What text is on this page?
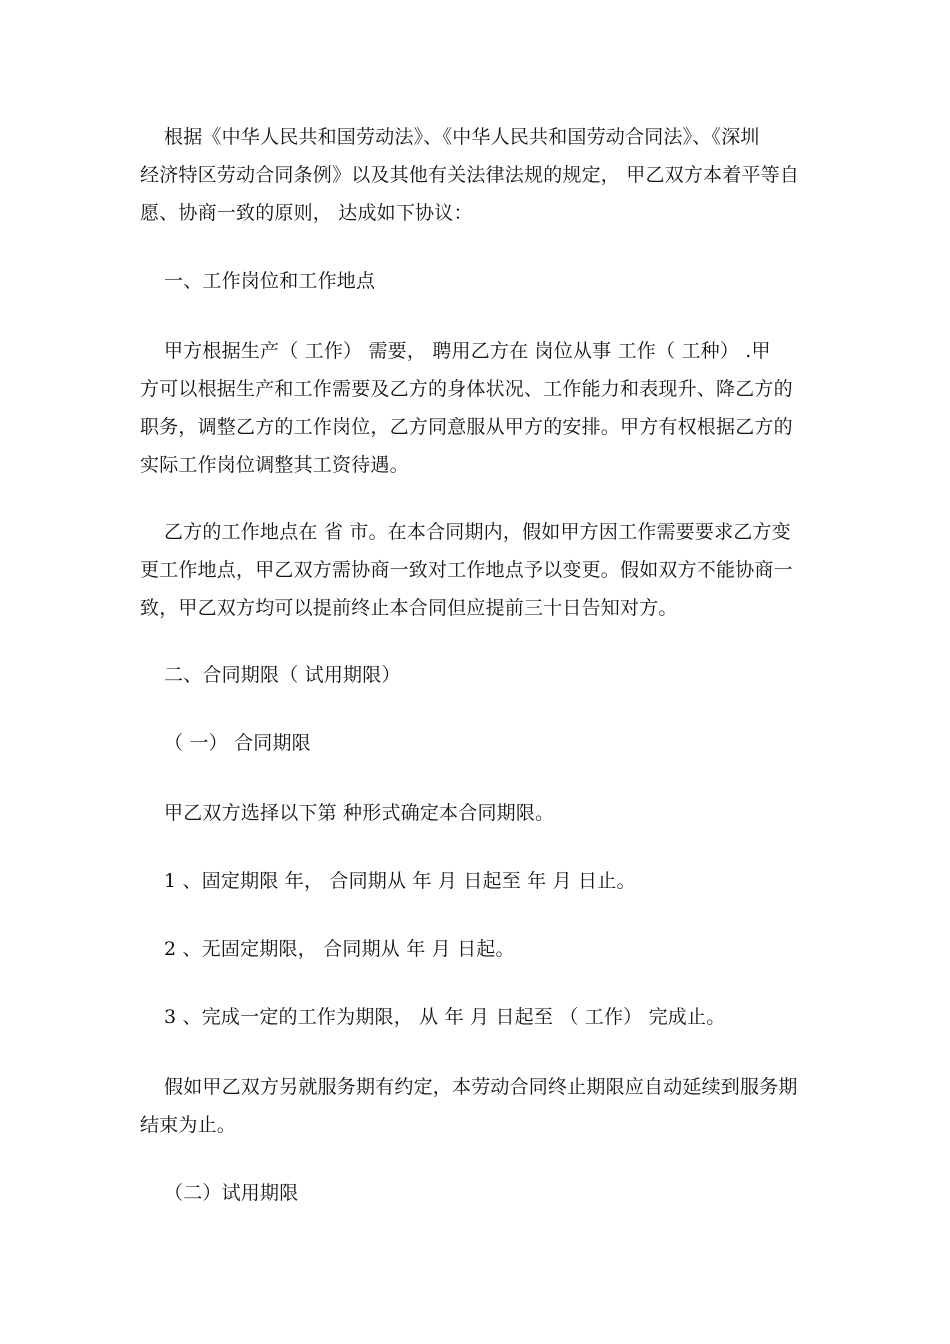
根据《中华人民共和国劳动法》、《中华人民共和国劳动合同法》、《深圳
经济特区劳动合同条例》以及其他有关法律法规的规定， 甲乙双方本着平等自
愿、协商一致的原则， 达成如下协议：
一、工作岗位和工作地点
甲方根据生产（ 工作） 需要， 聘用乙方在 岗位从事 工作（ 工种） .甲
方可以根据生产和工作需要及乙方的身体状况、工作能力和表现升、降乙方的
职务，调整乙方的工作岗位，乙方同意服从甲方的安排。甲方有权根据乙方的
实际工作岗位调整其工资待遇。
乙方的工作地点在 省 市。在本合同期内，假如甲方因工作需要要求乙方变
更工作地点，甲乙双方需协商一致对工作地点予以变更。假如双方不能协商一
致，甲乙双方均可以提前终止本合同但应提前三十日告知对方。
二、合同期限（ 试用期限）
（ 一） 合同期限
甲乙双方选择以下第 种形式确定本合同期限。
1 、固定期限 年， 合同期从 年 月 日起至 年 月 日止。
2 、无固定期限， 合同期从 年 月 日起。
3 、完成一定的工作为期限， 从 年 月 日起至 （ 工作） 完成止。
假如甲乙双方另就服务期有约定，本劳动合同终止期限应自动延续到服务期
结束为止。
（二）试用期限
